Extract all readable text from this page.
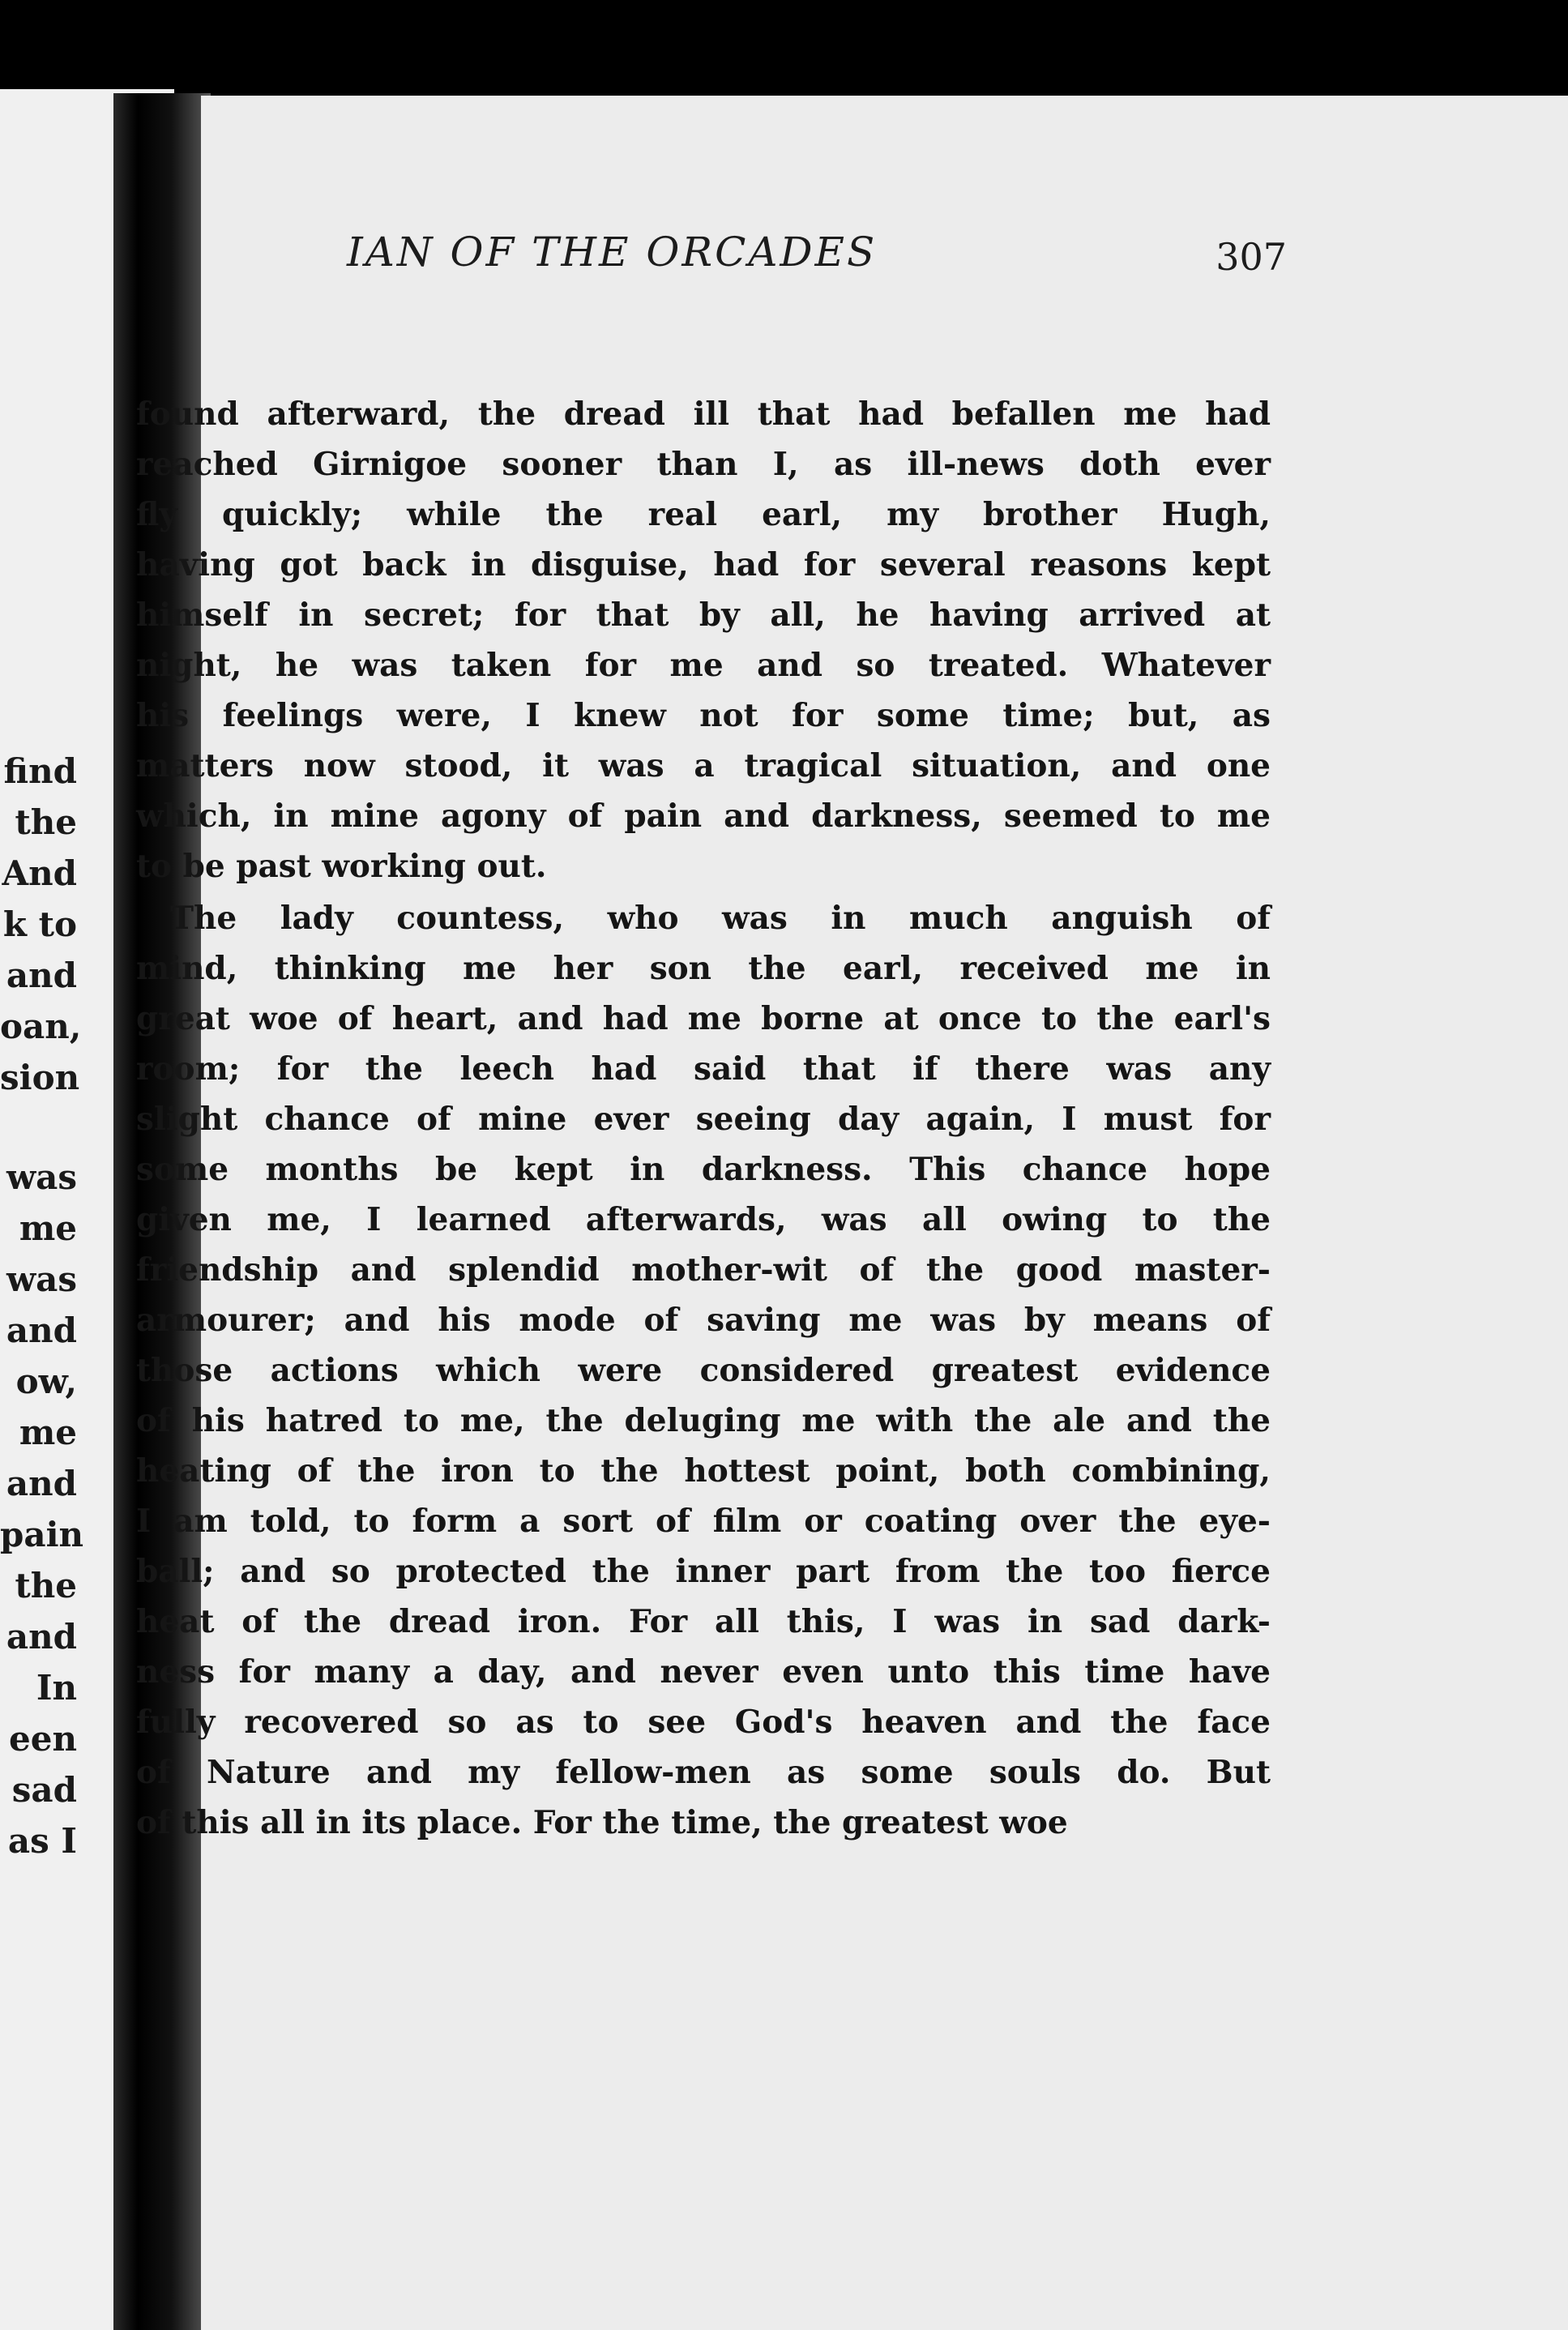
find
the
And
k to
and
oan,
sion
was
me
was
and
ow,
me
and
pain
the
and
In
een
sad
as I
IAN OF THE ORCADES	307
found afterward, the dread ill that had befallen me had
reached Girnigoe sooner than I, as ill-news doth ever
fly quickly; while the real earl, my brother Hugh,
having got back in disguise, had for several reasons kept
himself in secret; for that by all, he having arrived at
night, he was taken for me and so treated. Whatever
his feelings were, I knew not for some time; but, as
matters now stood, it was a tragical situation, and one
which, in mine agony of pain and darkness, seemed to me
to be past working out.
The lady countess, who was in much anguish of
mind, thinking me her son the earl, received me in
great woe of heart, and had me borne at once to the earl's
room; for the leech had said that if there was any
slight chance of mine ever seeing day again, I must for
some months be kept in darkness. This chance hope
given me, I learned afterwards, was all owing to the
friendship and splendid mother-wit of the good master-
armourer; and his mode of saving me was by means of
those actions which were considered greatest evidence
of his hatred to me, the deluging me with the ale and the
heating of the iron to the hottest point, both combining,
I am told, to form a sort of film or coating over the eye-
ball; and so protected the inner part from the too fierce
heat of the dread iron. For all this, I was in sad dark-
ness for many a day, and never even unto this time have
fully recovered so as to see God's heaven and the face
of Nature and my fellow-men as some souls do. But
of this all in its place. For the time, the greatest woe
